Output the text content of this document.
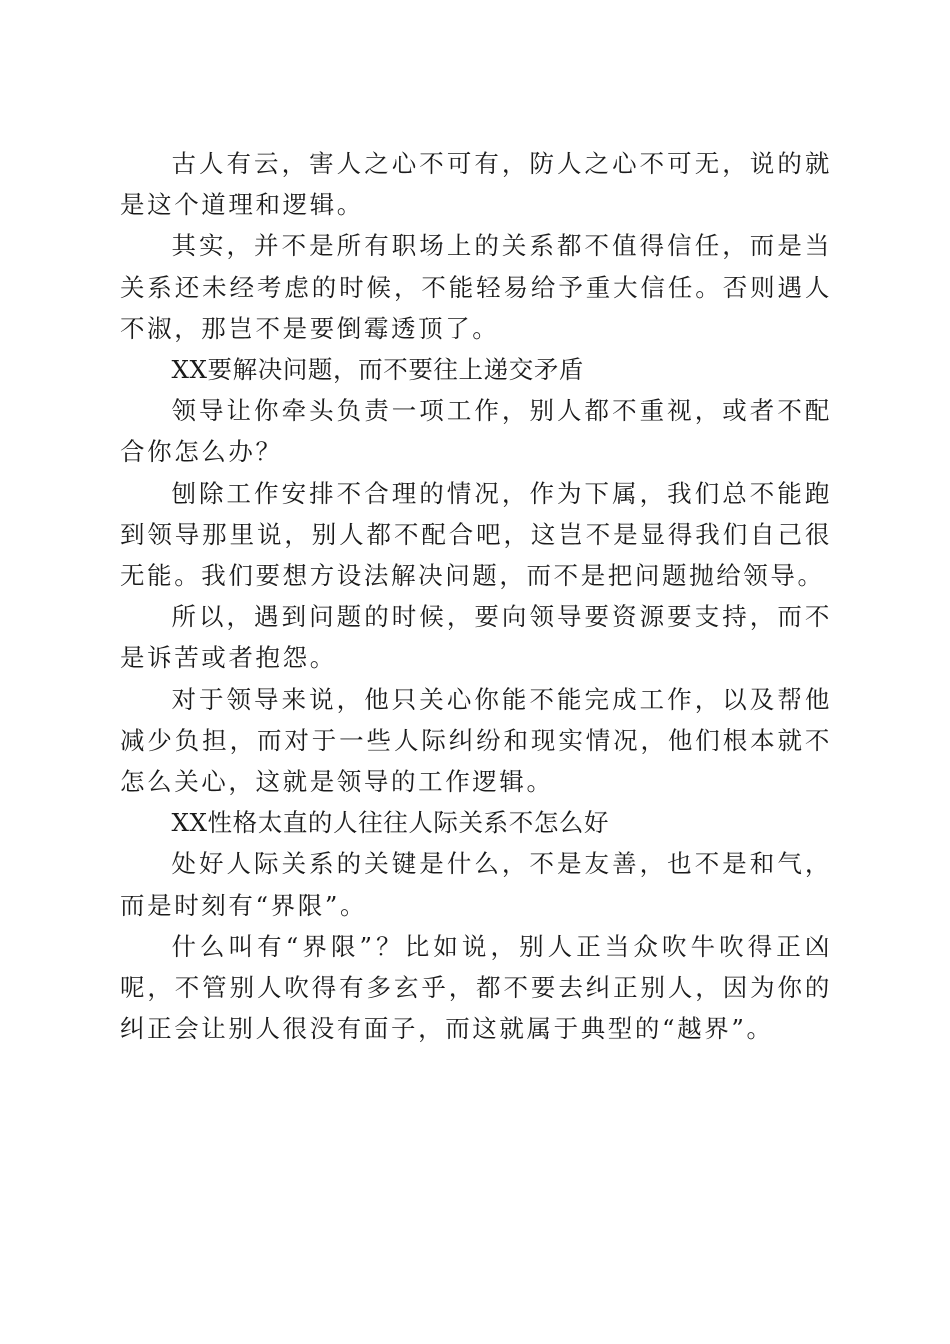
古人有云，害人之心不可有，防人之心不可无，说的就是这个道理和逻辑。

其实，并不是所有职场上的关系都不值得信任，而是当关系还未经考虑的时候，不能轻易给予重大信任。否则遇人不淑，那岂不是要倒霉透顶了。

XX要解决问题，而不要往上递交矛盾

领导让你牵头负责一项工作，别人都不重视，或者不配合你怎么办？

刨除工作安排不合理的情况，作为下属，我们总不能跑到领导那里说，别人都不配合吧，这岂不是显得我们自己很无能。我们要想方设法解决问题，而不是把问题抛给领导。

所以，遇到问题的时候，要向领导要资源要支持，而不是诉苦或者抱怨。

对于领导来说，他只关心你能不能完成工作，以及帮他减少负担，而对于一些人际纠纷和现实情况，他们根本就不怎么关心，这就是领导的工作逻辑。

XX性格太直的人往往人际关系不怎么好

处好人际关系的关键是什么，不是友善，也不是和气，而是时刻有“界限”。

什么叫有“界限”？比如说，别人正当众吹牛吹得正凶呢，不管别人吹得有多玄乎，都不要去纠正别人，因为你的纠正会让别人很没有面子，而这就属于典型的“越界”。
